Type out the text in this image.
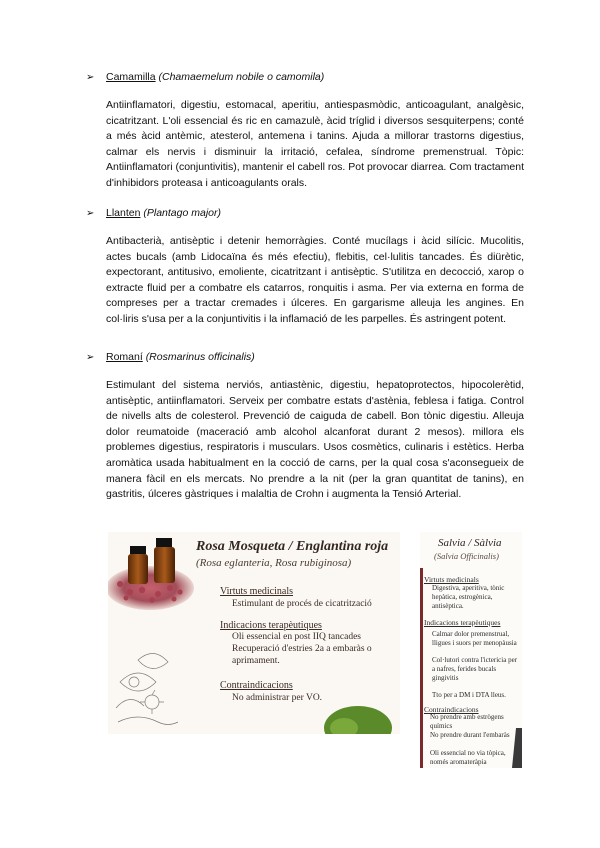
➢ Camamilla (Chamaemelum nobile o camomila)
Antiinflamatori, digestiu, estomacal, aperitiu, antiespasmòdic, anticoagulant, analgèsic, cicatritzant. L'oli essencial és ric en camazulè, àcid tríglid i diversos sesquiterpens; conté a més àcid antèmic, atesterol, antemena i tanins. Ajuda a millorar trastorns digestius, calmar els nervis i disminuir la irritació, cefalea, síndrome premenstrual. Tòpic: Antiinflamatori (conjuntivitis), mantenir el cabell ros. Pot provocar diarrea. Com tractament d'inhibidors proteasa i anticoagulants orals.
➢ Llanten (Plantago major)
Antibacterià, antisèptic i detenir hemorràgies. Conté mucílags i àcid silícic. Mucolitis, actes bucals (amb Lidocaïna és més efectiu), flebitis, cel·lulitis tancades. És diürètic, expectorant, antitusivo, emoliente, cicatritzant i antisèptic. S'utilitza en decocció, xarop o extracte fluid per a combatre els catarros, ronquitis i asma. Per via externa en forma de compreses per a tractar cremades i úlceres. En gargarisme alleuja les angines. En col·liris s'usa per a la conjuntivitis i la inflamació de les parpelles. És astringent potent.
➢ Romaní (Rosmarinus officinalis)
Estimulant del sistema nerviós, antiastènic, digestiu, hepatoprotectos, hipocolerètid, antisèptic, antiinflamatori. Serveix per combatre estats d'astènia, feblesa i fatiga. Control de nivells alts de colesterol. Prevenció de caiguda de cabell. Bon tònic digestiu. Alleuja dolor reumatoide (maceració amb alcohol alcanforat durant 2 mesos). millora els problemes digestius, respiratoris i musculars. Usos cosmètics, culinaris i estètics. Herba aromàtica usada habitualment en la cocció de carns, per la qual cosa s'aconsegueix de manera fàcil en els mercats. No prendre a la nit (per la gran quantitat de tanins), en gastritis, úlceres gàstriques i malaltia de Crohn i augmenta la Tensió Arterial.
Rosa Mosqueta / Englantina roja
(Rosa eglanteria, Rosa rubiginosa)
Virtuts medicinals
Estimulant de procés de cicatrització
Indicacions terapèutiques
Oli essencial en post IIQ tancades
Recuperació d'estries 2a a embaràs o aprimament.
Contraindicacions
No administrar per VO.
Salvia / Sàlvia
(Salvia Officinalis)
Virtuts medicinals
Digestiva, aperitiva, tònic hepàtica, estrogènica, antisèptica.
Indicacions terapèutiques
Calmar dolor premenstrual, lligues i suors per menopàusia
Col·lutori contra l'ictericia per a nafres, ferides bucals gingivitis
Tto per a DM i DTA lleus.
Contraindicacions
No prendre amb estrògens químics
No prendre durant l'embaràs
Oli essencial no via tòpica, només aromateràpia
